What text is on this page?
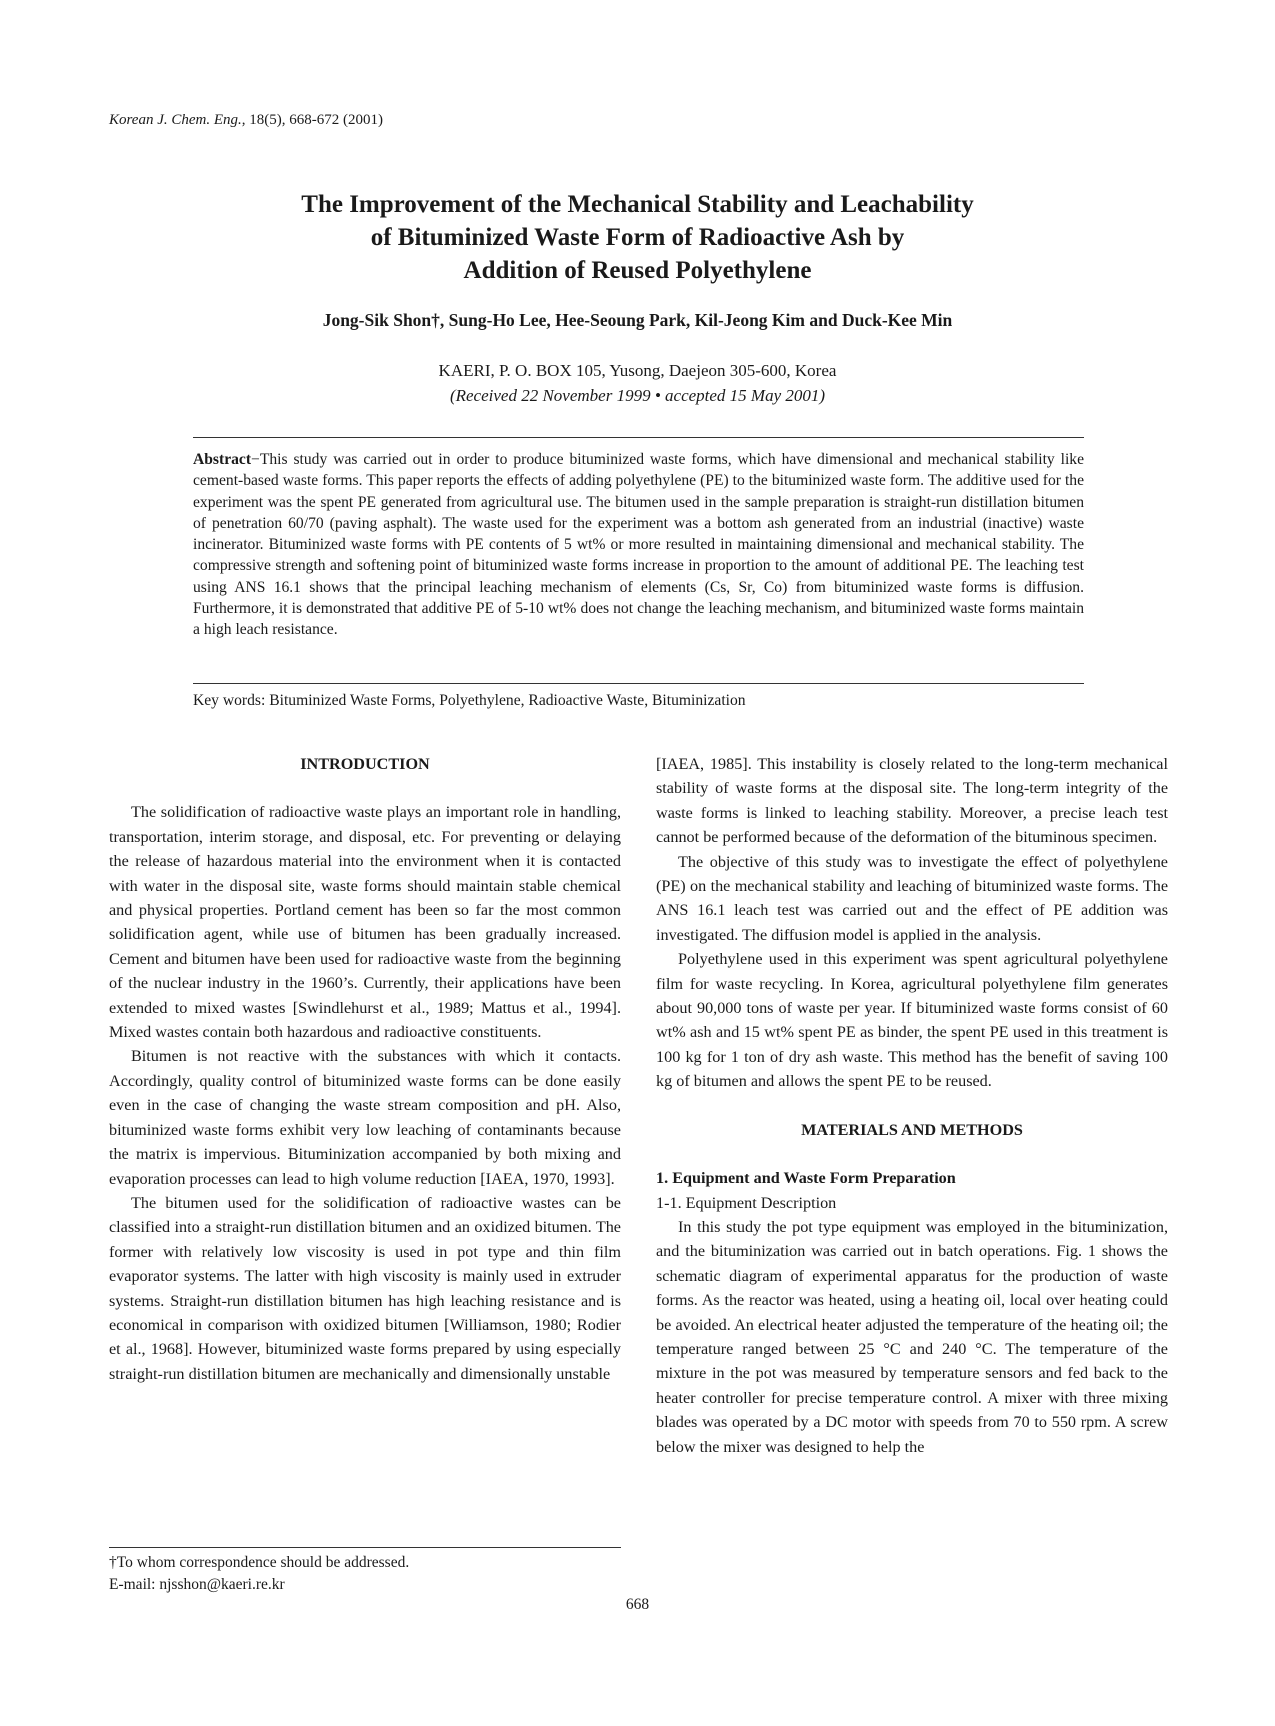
Korean J. Chem. Eng., 18(5), 668-672 (2001)
The Improvement of the Mechanical Stability and Leachability
of Bituminized Waste Form of Radioactive Ash by
Addition of Reused Polyethylene
Jong-Sik Shon†, Sung-Ho Lee, Hee-Seoung Park, Kil-Jeong Kim and Duck-Kee Min
KAERI, P. O. BOX 105, Yusong, Daejeon 305-600, Korea
(Received 22 November 1999 • accepted 15 May 2001)
Abstract−This study was carried out in order to produce bituminized waste forms, which have dimensional and mechanical stability like cement-based waste forms. This paper reports the effects of adding polyethylene (PE) to the bituminized waste form. The additive used for the experiment was the spent PE generated from agricultural use. The bitumen used in the sample preparation is straight-run distillation bitumen of penetration 60/70 (paving asphalt). The waste used for the experiment was a bottom ash generated from an industrial (inactive) waste incinerator. Bituminized waste forms with PE contents of 5 wt% or more resulted in maintaining dimensional and mechanical stability. The compressive strength and softening point of bituminized waste forms increase in proportion to the amount of additional PE. The leaching test using ANS 16.1 shows that the principal leaching mechanism of elements (Cs, Sr, Co) from bituminized waste forms is diffusion. Furthermore, it is demonstrated that additive PE of 5-10 wt% does not change the leaching mechanism, and bituminized waste forms maintain a high leach resistance.
Key words: Bituminized Waste Forms, Polyethylene, Radioactive Waste, Bituminization

INTRODUCTION

The solidification of radioactive waste plays an important role in handling, transportation, interim storage, and disposal, etc. For preventing or delaying the release of hazardous material into the environment when it is contacted with water in the disposal site, waste forms should maintain stable chemical and physical properties. Portland cement has been so far the most common solidification agent, while use of bitumen has been gradually increased. Cement and bitumen have been used for radioactive waste from the beginning of the nuclear industry in the 1960’s. Currently, their applications have been extended to mixed wastes [Swindlehurst et al., 1989; Mattus et al., 1994]. Mixed wastes contain both hazardous and radioactive constituents.

Bitumen is not reactive with the substances with which it contacts. Accordingly, quality control of bituminized waste forms can be done easily even in the case of changing the waste stream composition and pH. Also, bituminized waste forms exhibit very low leaching of contaminants because the matrix is impervious. Bituminization accompanied by both mixing and evaporation processes can lead to high volume reduction [IAEA, 1970, 1993].

The bitumen used for the solidification of radioactive wastes can be classified into a straight-run distillation bitumen and an oxidized bitumen. The former with relatively low viscosity is used in pot type and thin film evaporator systems. The latter with high viscosity is mainly used in extruder systems. Straight-run distillation bitumen has high leaching resistance and is economical in comparison with oxidized bitumen [Williamson, 1980; Rodier et al., 1968]. However, bituminized waste forms prepared by using especially straight-run distillation bitumen are mechanically and dimensionally unstable

[IAEA, 1985]. This instability is closely related to the long-term mechanical stability of waste forms at the disposal site. The long-term integrity of the waste forms is linked to leaching stability. Moreover, a precise leach test cannot be performed because of the deformation of the bituminous specimen.

The objective of this study was to investigate the effect of polyethylene (PE) on the mechanical stability and leaching of bituminized waste forms. The ANS 16.1 leach test was carried out and the effect of PE addition was investigated. The diffusion model is applied in the analysis.

Polyethylene used in this experiment was spent agricultural polyethylene film for waste recycling. In Korea, agricultural polyethylene film generates about 90,000 tons of waste per year. If bituminized waste forms consist of 60 wt% ash and 15 wt% spent PE as binder, the spent PE used in this treatment is 100 kg for 1 ton of dry ash waste. This method has the benefit of saving 100 kg of bitumen and allows the spent PE to be reused.

MATERIALS AND METHODS

1. Equipment and Waste Form Preparation

1-1. Equipment Description

In this study the pot type equipment was employed in the bituminization, and the bituminization was carried out in batch operations. Fig. 1 shows the schematic diagram of experimental apparatus for the production of waste forms. As the reactor was heated, using a heating oil, local over heating could be avoided. An electrical heater adjusted the temperature of the heating oil; the temperature ranged between 25 °C and 240 °C. The temperature of the mixture in the pot was measured by temperature sensors and fed back to the heater controller for precise temperature control. A mixer with three mixing blades was operated by a DC motor with speeds from 70 to 550 rpm. A screw below the mixer was designed to help the

†To whom correspondence should be addressed.
E-mail: njsshon@kaeri.re.kr
668
